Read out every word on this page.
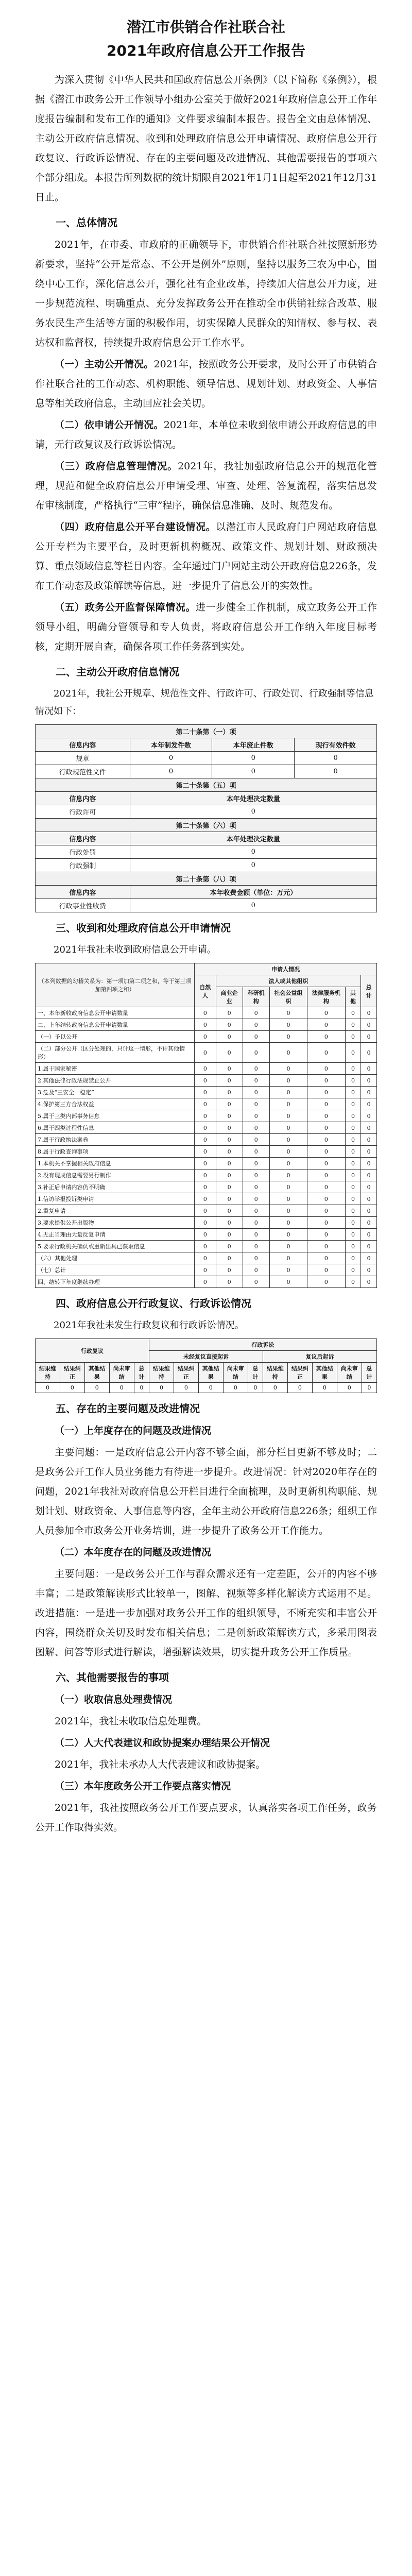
潜江市供销合作社联合社
2021年政府信息公开工作报告

为深入贯彻《中华人民共和国政府信息公开条例》（以下简称《条例》），根据《潜江市政务公开工作领导小组办公室关于做好2021年政府信息公开工作年度报告编制和发布工作的通知》文件要求编制本报告。报告全文由总体情况、主动公开政府信息情况、收到和处理政府信息公开申请情况、政府信息公开行政复议、行政诉讼情况、存在的主要问题及改进情况、其他需要报告的事项六个部分组成。本报告所列数据的统计期限自2021年1月1日起至2021年12月31日止。

一、总体情况

2021年，在市委、市政府的正确领导下，市供销合作社联合社按照新形势新要求，坚持“公开是常态、不公开是例外”原则，坚持以服务三农为中心，围绕中心工作，深化信息公开，强化社有企业改革，持续加大信息公开力度，进一步规范流程、明确重点、充分发挥政务公开在推动全市供销社综合改革、服务农民生产生活等方面的积极作用，切实保障人民群众的知情权、参与权、表达权和监督权，持续提升政府信息公开工作水平。

（一）主动公开情况。2021年，按照政务公开要求，及时公开了市供销合作社联合社的工作动态、机构职能、领导信息、规划计划、财政资金、人事信息等相关政府信息，主动回应社会关切。

（二）依申请公开情况。2021年，本单位未收到依申请公开政府信息的申请，无行政复议及行政诉讼情况。

（三）政府信息管理情况。2021年，我社加强政府信息公开的规范化管理，规范和健全政府信息公开申请受理、审查、处理、答复流程，落实信息发布审核制度，严格执行“三审”程序，确保信息准确、及时、规范发布。

（四）政府信息公开平台建设情况。以潜江市人民政府门户网站政府信息公开专栏为主要平台，及时更新机构概况、政策文件、规划计划、财政预决算、重点领域信息等栏目内容。全年通过门户网站主动公开政府信息226条，发布工作动态及政策解读等信息，进一步提升了信息公开的实效性。

（五）政务公开监督保障情况。进一步健全工作机制，成立政务公开工作领导小组，明确分管领导和专人负责，将政府信息公开工作纳入年度目标考核，定期开展自查，确保各项工作任务落到实处。

二、主动公开政府信息情况

2021年，我社公开规章、规范性文件、行政许可、行政处罚、行政强制等信息情况如下：

第二十条第（一）项			
信息内容	本年制发件数	本年废止件数	现行有效件数
规章	0	0	0
行政规范性文件	0	0	0
第二十条第（五）项			
信息内容	本年处理决定数量		
行政许可	0		
第二十条第（六）项			
信息内容	本年处理决定数量		
行政处罚	0		
行政强制	0		
第二十条第（八）项			
信息内容	本年收费金额（单位：万元）		
行政事业性收费	0		
三、收到和处理政府信息公开申请情况

2021年我社未收到政府信息公开申请。

（本列数据的勾稽关系为：第一项加第二项之和，等于第三项加第四项之和）	申请人情况						
	自然人	法人或其他组织					总计
		商业企业	科研机构	社会公益组织	法律服务机构	其他	
一、本年新收政府信息公开申请数量	0	0	0	0	0	0	0
二、上年结转政府信息公开申请数量	0	0	0	0	0	0	0
（一）予以公开	0	0	0	0	0	0	0
（二）部分公开（区分处理的，只计这一情形，不计其他情形）	0	0	0	0	0	0	0
1.属于国家秘密	0	0	0	0	0	0	0
2.其他法律行政法规禁止公开	0	0	0	0	0	0	0
3.危及“三安全一稳定”	0	0	0	0	0	0	0
4.保护第三方合法权益	0	0	0	0	0	0	0
5.属于三类内部事务信息	0	0	0	0	0	0	0
6.属于四类过程性信息	0	0	0	0	0	0	0
7.属于行政执法案卷	0	0	0	0	0	0	0
8.属于行政查询事项	0	0	0	0	0	0	0
1.本机关不掌握相关政府信息	0	0	0	0	0	0	0
2.没有现成信息需要另行制作	0	0	0	0	0	0	0
3.补正后申请内容仍不明确	0	0	0	0	0	0	0
1.信访举报投诉类申请	0	0	0	0	0	0	0
2.重复申请	0	0	0	0	0	0	0
3.要求提供公开出版物	0	0	0	0	0	0	0
4.无正当理由大量反复申请	0	0	0	0	0	0	0
5.要求行政机关确认或重新出具已获取信息	0	0	0	0	0	0	0
（六）其他处理	0	0	0	0	0	0	0
（七）总计	0	0	0	0	0	0	0
四、结转下年度继续办理	0	0	0	0	0	0	0
四、政府信息公开行政复议、行政诉讼情况

2021年我社未发生行政复议和行政诉讼情况。

行政复议					行政诉讼									
					未经复议直接起诉					复议后起诉				
结果维持	结果纠正	其他结果	尚未审结	总计	结果维持	结果纠正	其他结果	尚未审结	总计	结果维持	结果纠正	其他结果	尚未审结	总计
0	0	0	0	0	0	0	0	0	0	0	0	0	0	0
五、存在的主要问题及改进情况

（一）上年度存在的问题及改进情况

主要问题：一是政府信息公开内容不够全面，部分栏目更新不够及时；二是政务公开工作人员业务能力有待进一步提升。改进情况：针对2020年存在的问题，2021年我社对政府信息公开栏目进行全面梳理，及时更新机构职能、规划计划、财政资金、人事信息等内容，全年主动公开政府信息226条；组织工作人员参加全市政务公开业务培训，进一步提升了政务公开工作能力。

（二）本年度存在的问题及改进情况

主要问题：一是政务公开工作与群众需求还有一定差距，公开的内容不够丰富；二是政策解读形式比较单一，图解、视频等多样化解读方式运用不足。改进措施：一是进一步加强对政务公开工作的组织领导，不断充实和丰富公开内容，围绕群众关切及时发布相关信息；二是创新政策解读方式，多采用图表图解、问答等形式进行解读，增强解读效果，切实提升政务公开工作质量。

六、其他需要报告的事项

（一）收取信息处理费情况

2021年，我社未收取信息处理费。

（二）人大代表建议和政协提案办理结果公开情况

2021年，我社未承办人大代表建议和政协提案。

（三）本年度政务公开工作要点落实情况

2021年，我社按照政务公开工作要点要求，认真落实各项工作任务，政务公开工作取得实效。
